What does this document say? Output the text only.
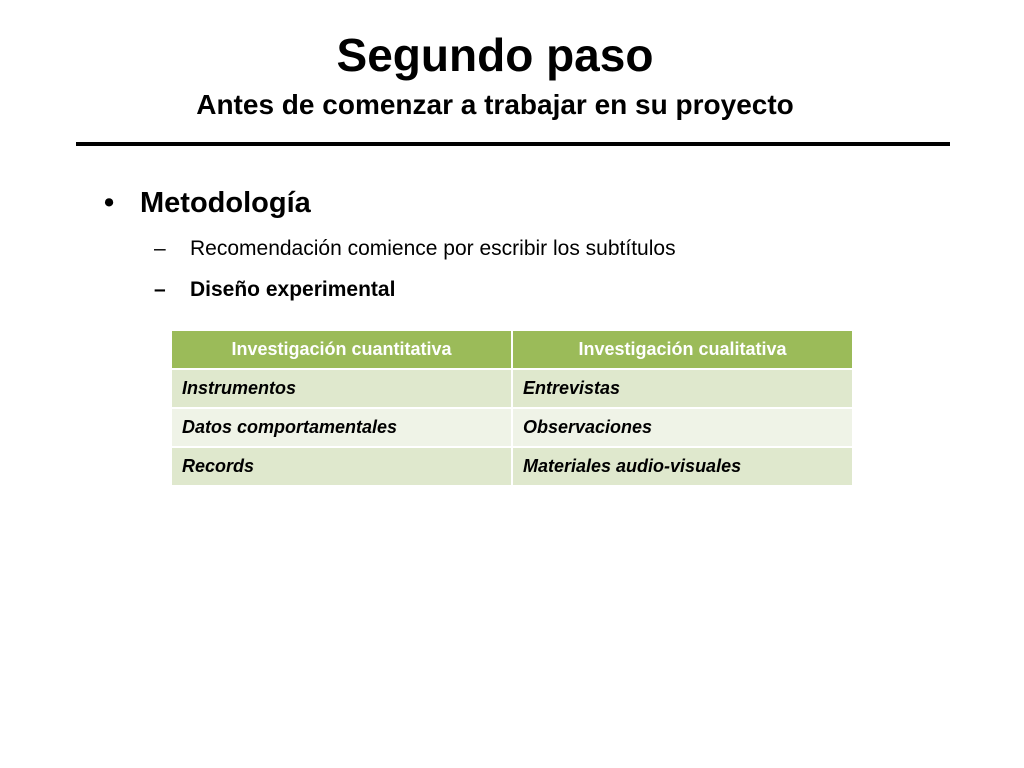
Segundo paso
Antes de comenzar a trabajar en su proyecto
• Metodología
– Recomendación comience por escribir los subtítulos
– Diseño experimental
Investigación cuantitativa	Investigación cualitativa
Instrumentos	Entrevistas
Datos comportamentales	Observaciones
Records	Materiales audio-visuales
